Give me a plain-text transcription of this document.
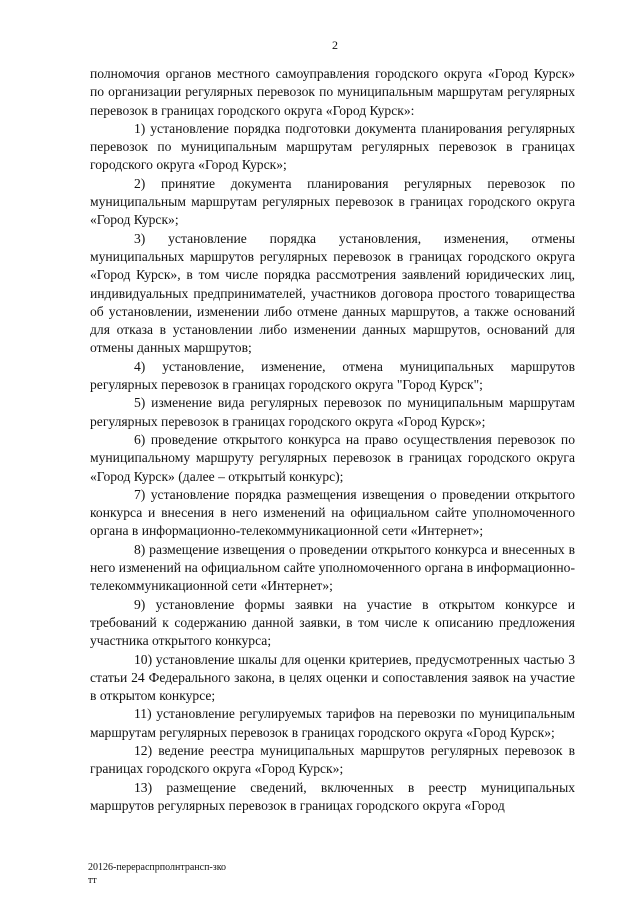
2

полномочия органов местного самоуправления городского округа «Город Курск» по организации регулярных перевозок по муниципальным маршрутам регулярных перевозок в границах городского округа «Город Курск»:

1) установление порядка подготовки документа планирования регулярных перевозок по муниципальным маршрутам регулярных перевозок в границах городского округа «Город Курск»;

2) принятие документа планирования регулярных перевозок по муниципальным маршрутам регулярных перевозок в границах городского округа «Город Курск»;

3) установление порядка установления, изменения, отмены муниципальных маршрутов регулярных перевозок в границах городского округа «Город Курск», в том числе порядка рассмотрения заявлений юридических лиц, индивидуальных предпринимателей, участников договора простого товарищества об установлении, изменении либо отмене данных маршрутов, а также оснований для отказа в установлении либо изменении данных маршрутов, оснований для отмены данных маршрутов;

4) установление, изменение, отмена муниципальных маршрутов регулярных перевозок в границах городского округа "Город Курск";

5) изменение вида регулярных перевозок по муниципальным маршрутам регулярных перевозок в границах городского округа «Город Курск»;

6) проведение открытого конкурса на право осуществления перевозок по муниципальному маршруту регулярных перевозок в границах городского округа «Город Курск» (далее – открытый конкурс);

7) установление порядка размещения извещения о проведении открытого конкурса и внесения в него изменений на официальном сайте уполномоченного органа в информационно-телекоммуникационной сети «Интернет»;

8) размещение извещения о проведении открытого конкурса и внесенных в него изменений на официальном сайте уполномоченного органа в информационно-телекоммуникационной сети «Интернет»;

9) установление формы заявки на участие в открытом конкурсе и требований к содержанию данной заявки, в том числе к описанию предложения участника открытого конкурса;

10) установление шкалы для оценки критериев, предусмотренных частью 3 статьи 24 Федерального закона, в целях оценки и сопоставления заявок на участие в открытом конкурсе;

11) установление регулируемых тарифов на перевозки по муниципальным маршрутам регулярных перевозок в границах городского округа «Город Курск»;

12) ведение реестра муниципальных маршрутов регулярных перевозок в границах городского округа «Город Курск»;

13) размещение сведений, включенных в реестр муниципальных маршрутов регулярных перевозок в границах городского округа «Город

20126-перераспрполнтрансп-зко
тт
